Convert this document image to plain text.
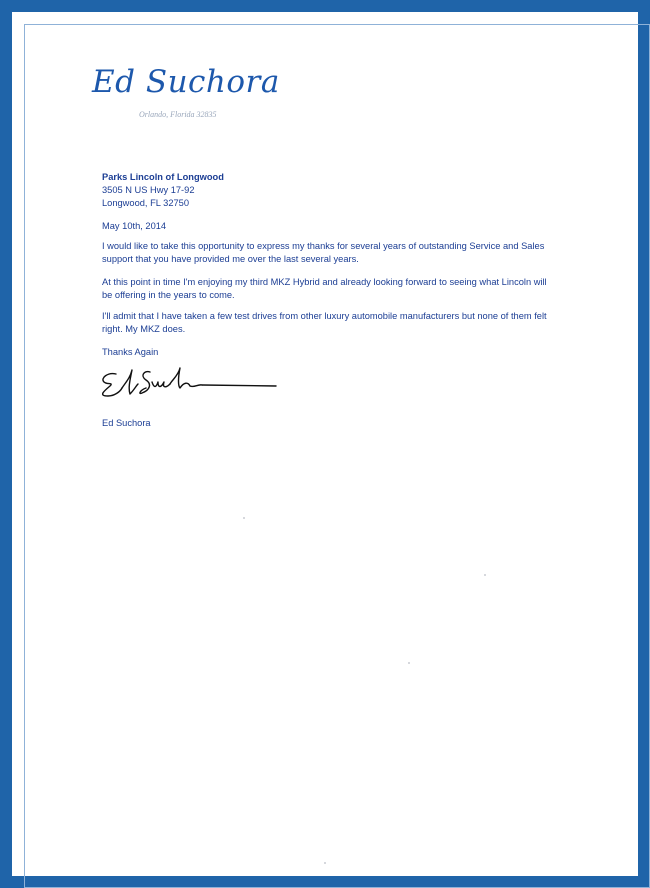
Ed Suchora
Orlando, Florida 32835
Parks Lincoln of Longwood
3505 N US Hwy 17-92
Longwood, FL 32750
May 10th, 2014
I would like to take this opportunity to express my thanks for several years of outstanding Service and Sales
support that you have provided me over the last several years.
At this point in time I'm enjoying my third MKZ Hybrid and already looking forward to seeing what Lincoln will
be offering in the years to come.
I'll admit that I have taken a few test drives from other luxury automobile manufacturers but none of them felt
right. My MKZ does.
Thanks Again
Ed Suchora
